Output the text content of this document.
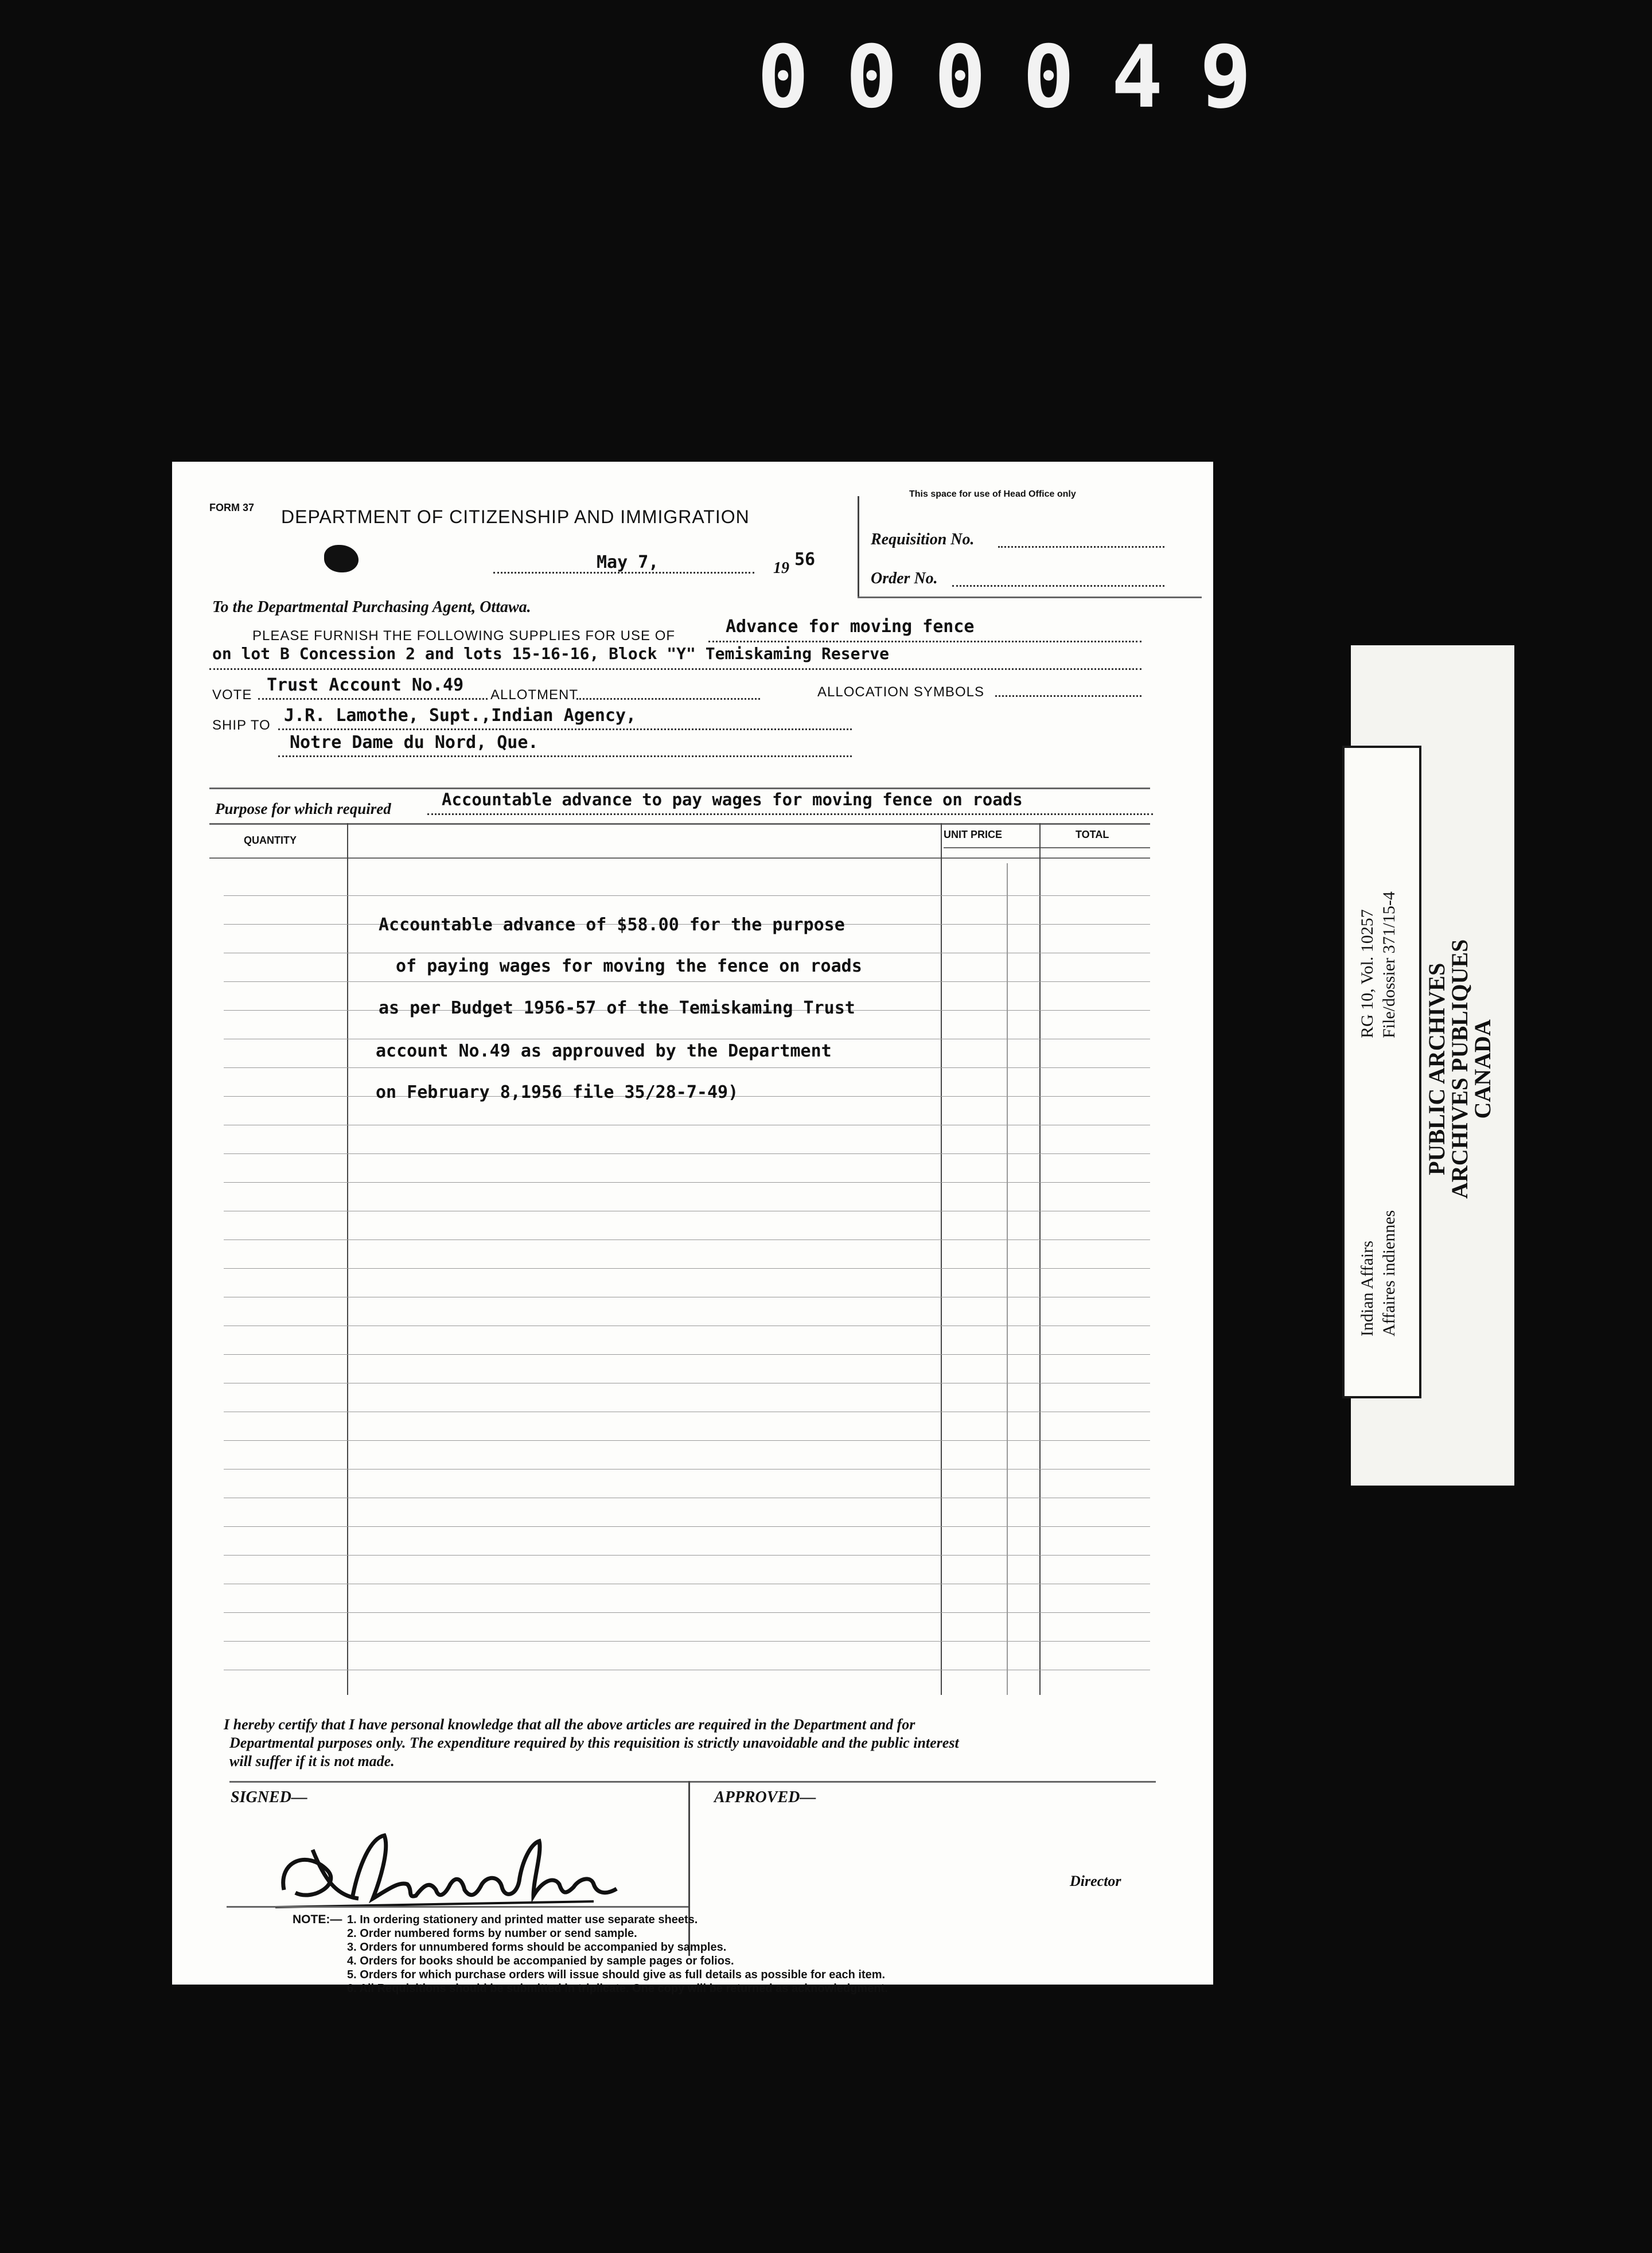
000049
FORM 37 DEPARTMENT OF CITIZENSHIP AND IMMIGRATION
This space for use of Head Office only
Requisition No.
Order No.
May 7,	19 56
To the Departmental Purchasing Agent, Ottawa.
PLEASE FURNISH THE FOLLOWING SUPPLIES FOR USE OF	Advance for moving fence
on lot B Concession 2 and lots 15-16-16, Block "Y" Temiskaming Reserve
VOTE Trust Account No.49 ALLOTMENT	ALLOCATION SYMBOLS
SHIP TO J.R. Lamothe, Supt.,Indian Agency,
Notre Dame du Nord, Que.
Purpose for which required	Accountable advance to pay wages for moving fence on roads
QUANTITY	UNIT PRICE	TOTAL
Accountable advance of $58.00 for the purpose
of paying wages for moving the fence on roads
as per Budget 1956-57 of the Temiskaming Trust
account No.49 as approuved by the Department
on February 8,1956 file 35/28-7-49)
I hereby certify that I have personal knowledge that all the above articles are required in the Department and for
Departmental purposes only. The expenditure required by this requisition is strictly unavoidable and the public interest
will suffer if it is not made.
SIGNED—	APPROVED—
Director
NOTE:— 1. In ordering stationery and printed matter use separate sheets.
2. Order numbered forms by number or send sample.
3. Orders for unnumbered forms should be accompanied by samples.
4. Orders for books should be accompanied by sample pages or folios.
5. Orders for which purchase orders will issue should give as full details as possible for each item.
6. All Requisitions should be submitted in triplicate. One copy will be returned as acknowledgment.
Indian Affairs Affaires indiennes
RG 10, Vol. 10257 File/dossier 371/15-4 PUBLIC ARCHIVES
ARCHIVES PUBLIQUES
CANADA
